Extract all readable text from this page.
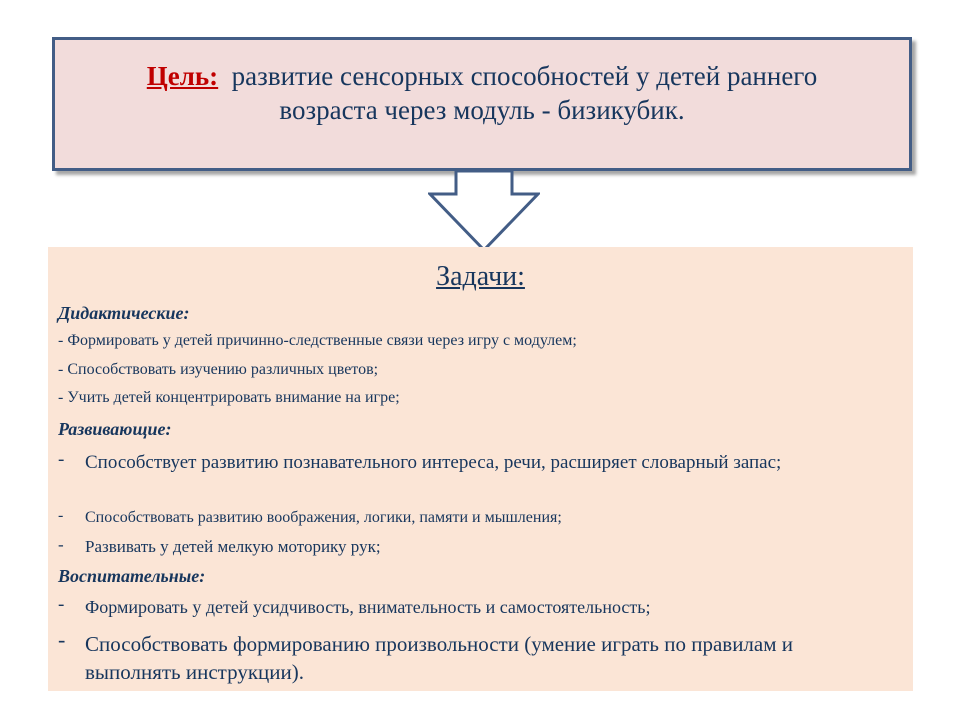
Цель: развитие сенсорных способностей у детей раннего
возраста через модуль - бизикубик.
Задачи:
Дидактические:
- Формировать у детей причинно-следственные связи через игру с модулем;
- Способствовать изучению различных цветов;
- Учить детей концентрировать внимание на игре;
Развивающие:
- Способствует развитию познавательного интереса, речи, расширяет словарный запас;
- Способствовать развитию воображения, логики, памяти и мышления;
- Развивать у детей мелкую моторику рук;
Воспитательные:
- Формировать у детей усидчивость, внимательность и самостоятельность;
- Способствовать формированию произвольности (умение играть по правилам и выполнять инструкции).
